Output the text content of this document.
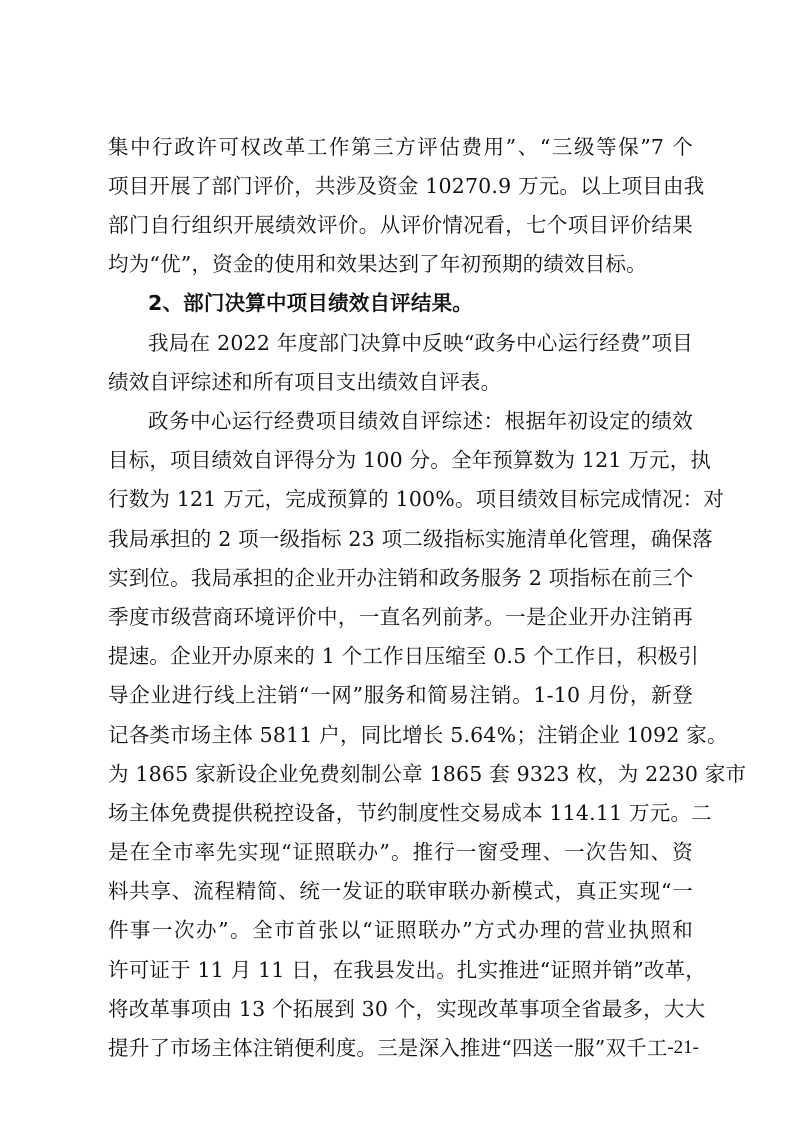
集中行政许可权改革工作第三方评估费用”、“三级等保”7 个
项目开展了部门评价，共涉及资金 10270.9 万元。以上项目由我
部门自行组织开展绩效评价。从评价情况看，七个项目评价结果
均为“优”，资金的使用和效果达到了年初预期的绩效目标。
2、部门决算中项目绩效自评结果。
我局在 2022 年度部门决算中反映“政务中心运行经费”项目
绩效自评综述和所有项目支出绩效自评表。
政务中心运行经费项目绩效自评综述：根据年初设定的绩效
目标，项目绩效自评得分为 100 分。全年预算数为 121 万元，执
行数为 121 万元，完成预算的 100%。项目绩效目标完成情况：对
我局承担的 2 项一级指标 23 项二级指标实施清单化管理，确保落
实到位。我局承担的企业开办注销和政务服务 2 项指标在前三个
季度市级营商环境评价中，一直名列前茅。一是企业开办注销再
提速。企业开办原来的 1 个工作日压缩至 0.5 个工作日，积极引
导企业进行线上注销“一网”服务和简易注销。1-10 月份，新登
记各类市场主体 5811 户，同比增长 5.64%；注销企业 1092 家。
为 1865 家新设企业免费刻制公章 1865 套 9323 枚，为 2230 家市
场主体免费提供税控设备，节约制度性交易成本 114.11 万元。二
是在全市率先实现“证照联办”。推行一窗受理、一次告知、资
料共享、流程精简、统一发证的联审联办新模式，真正实现“一
件事一次办”。全市首张以“证照联办”方式办理的营业执照和
许可证于 11 月 11 日，在我县发出。扎实推进“证照并销”改革，
将改革事项由 13 个拓展到 30 个，实现改革事项全省最多，大大
提升了市场主体注销便利度。三是深入推进“四送一服”双千工 -21-
